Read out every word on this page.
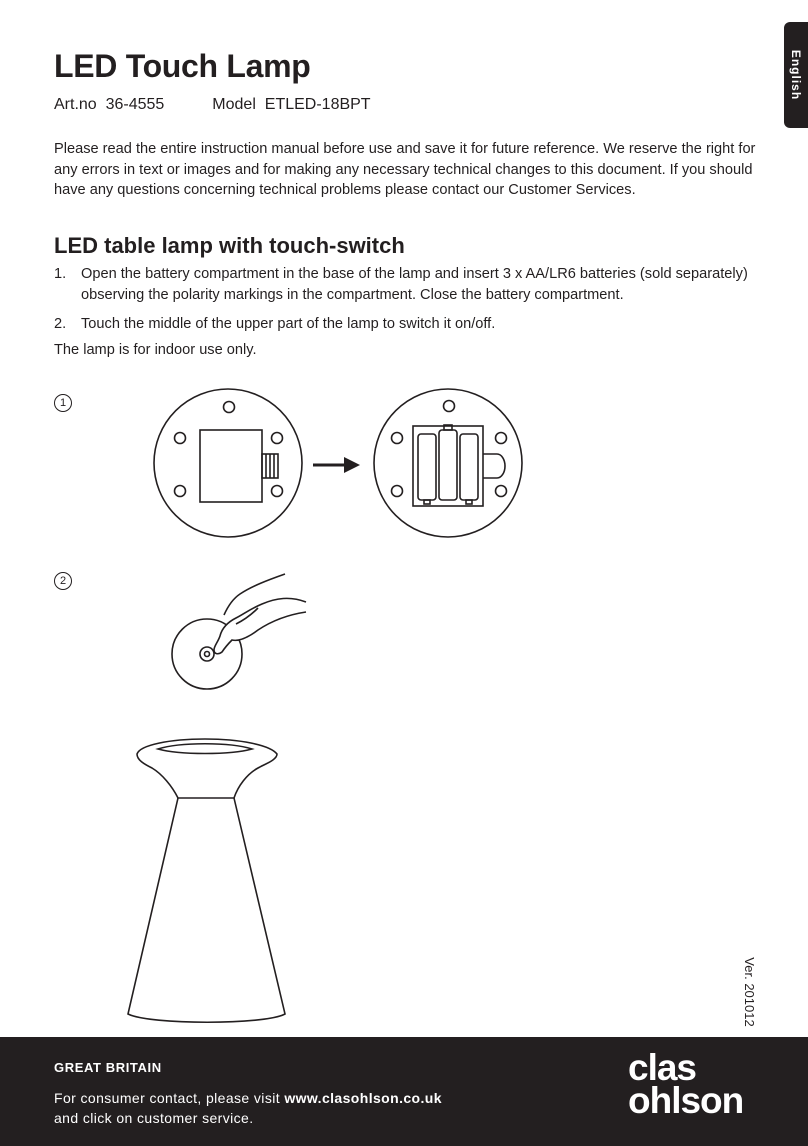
English
LED Touch Lamp
Art.no  36-4555	Model  ETLED-18BPT

Please read the entire instruction manual before use and save it for future reference. We reserve the right for any errors in text or images and for making any necessary technical changes to this document. If you should have any questions concerning technical problems please contact our Customer Services.

LED table lamp with touch-switch
1.	Open the battery compartment in the base of the lamp and insert 3 x AA/LR6 batteries (sold separately) observing the polarity markings in the compartment. Close the battery compartment.
2.	Touch the middle of the upper part of the lamp to switch it on/off.
The lamp is for indoor use only.
1
2
Ver. 201012
GREAT BRITAIN
For consumer contact, please visit www.clasohlson.co.uk
and click on customer service.
clas
ohlson
